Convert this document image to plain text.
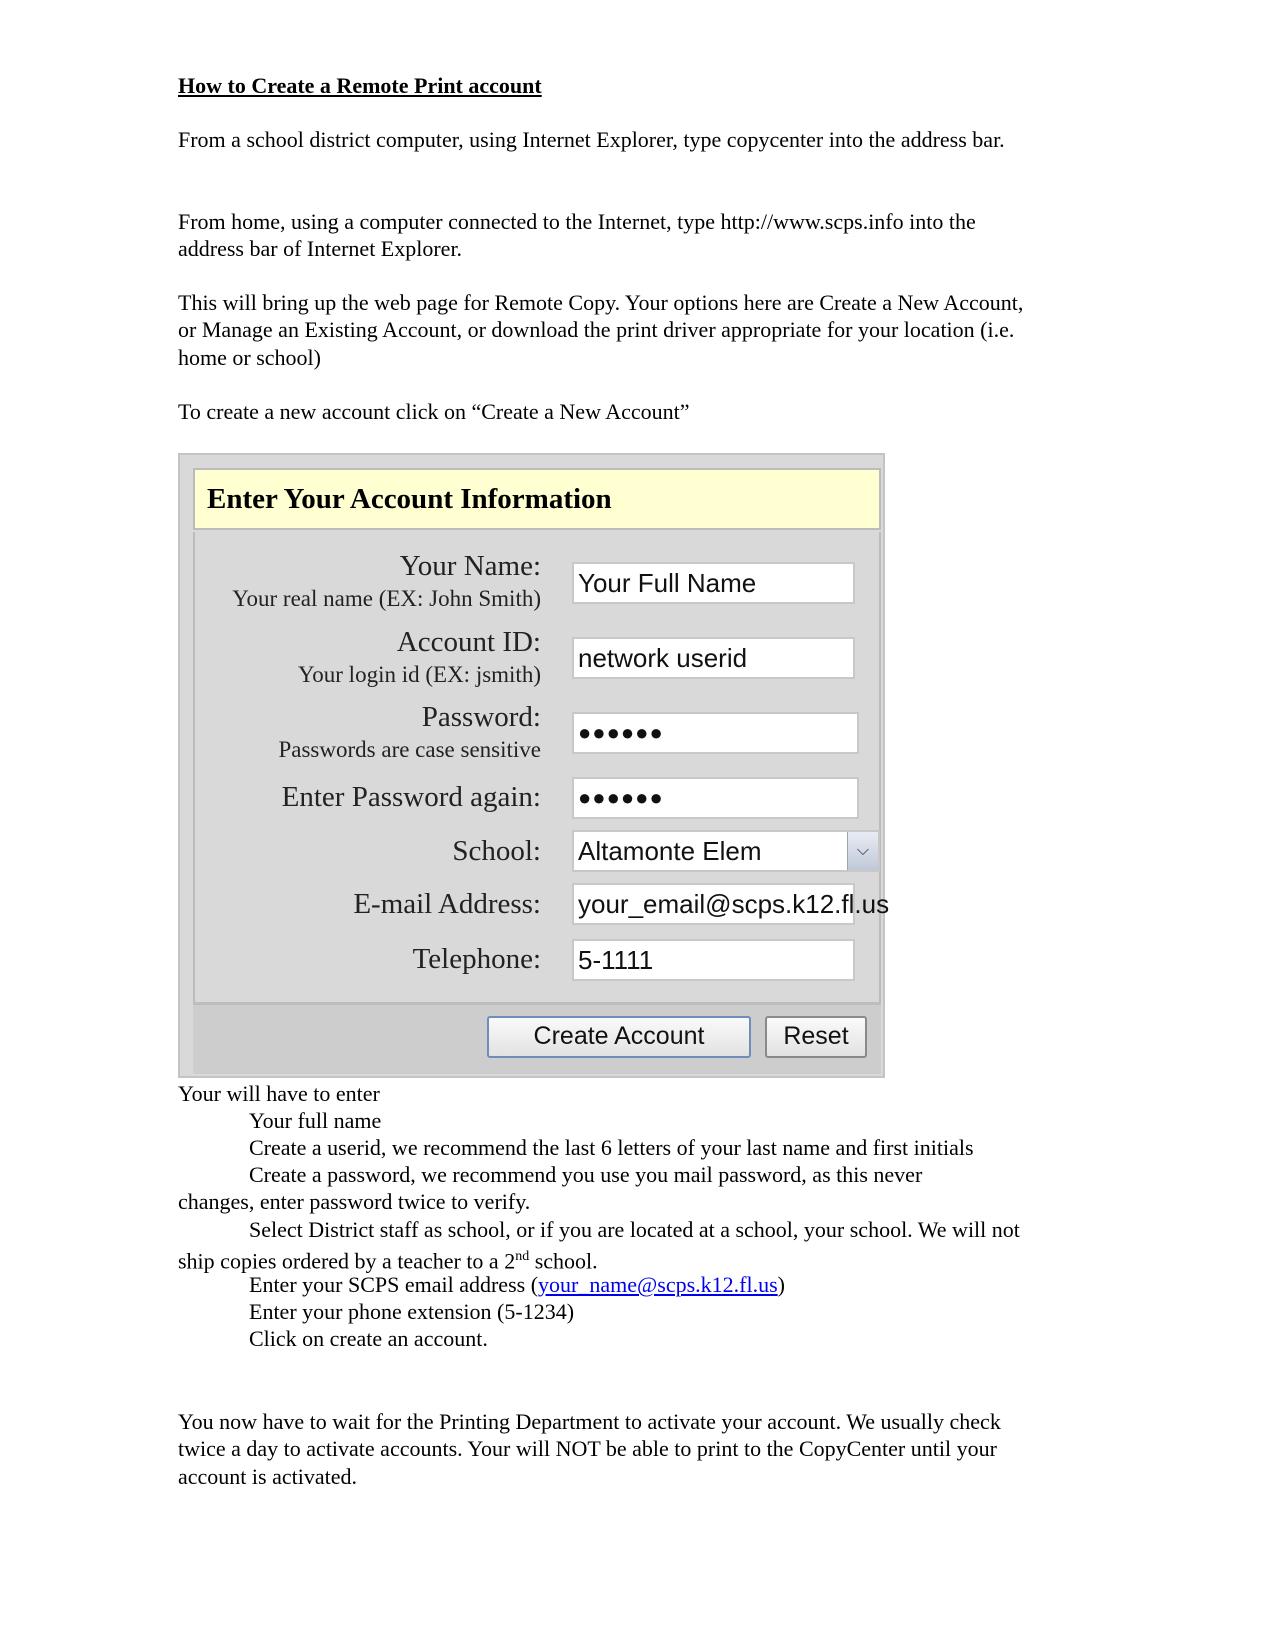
How to Create a Remote Print account

From a school district computer, using Internet Explorer, type copycenter into the address bar.

From home, using a computer connected to the Internet, type http://www.scps.info into the address bar of Internet Explorer.

This will bring up the web page for Remote Copy. Your options here are Create a New Account, or Manage an Existing Account, or download the print driver appropriate for your location (i.e. home or school)

To create a new account click on “Create a New Account”

Enter Your Account Information
Your Name:
Your real name (EX: John Smith)
Your Full Name
Account ID:
Your login id (EX: jsmith)
network userid
Password:
Passwords are case sensitive
●●●●●●
Enter Password again: ●●●●●●
School: Altamonte Elem	⌵
E-mail Address: your_email@scps.k12.fl.us
Telephone: 5-1111
Create Account	Reset
Your will have to enter
Your full name
Create a userid, we recommend the last 6 letters of your last name and first initials

Create a password, we recommend you use you mail password, as this never changes, enter password twice to verify.

Select District staff as school, or if you are located at a school, your school. We will not ship copies ordered by a teacher to a 2nd school.

Enter your SCPS email address (your_name@scps.k12.fl.us)
Enter your phone extension (5-1234)
Click on create an account.

You now have to wait for the Printing Department to activate your account. We usually check twice a day to activate accounts. Your will NOT be able to print to the CopyCenter until your account is activated.
